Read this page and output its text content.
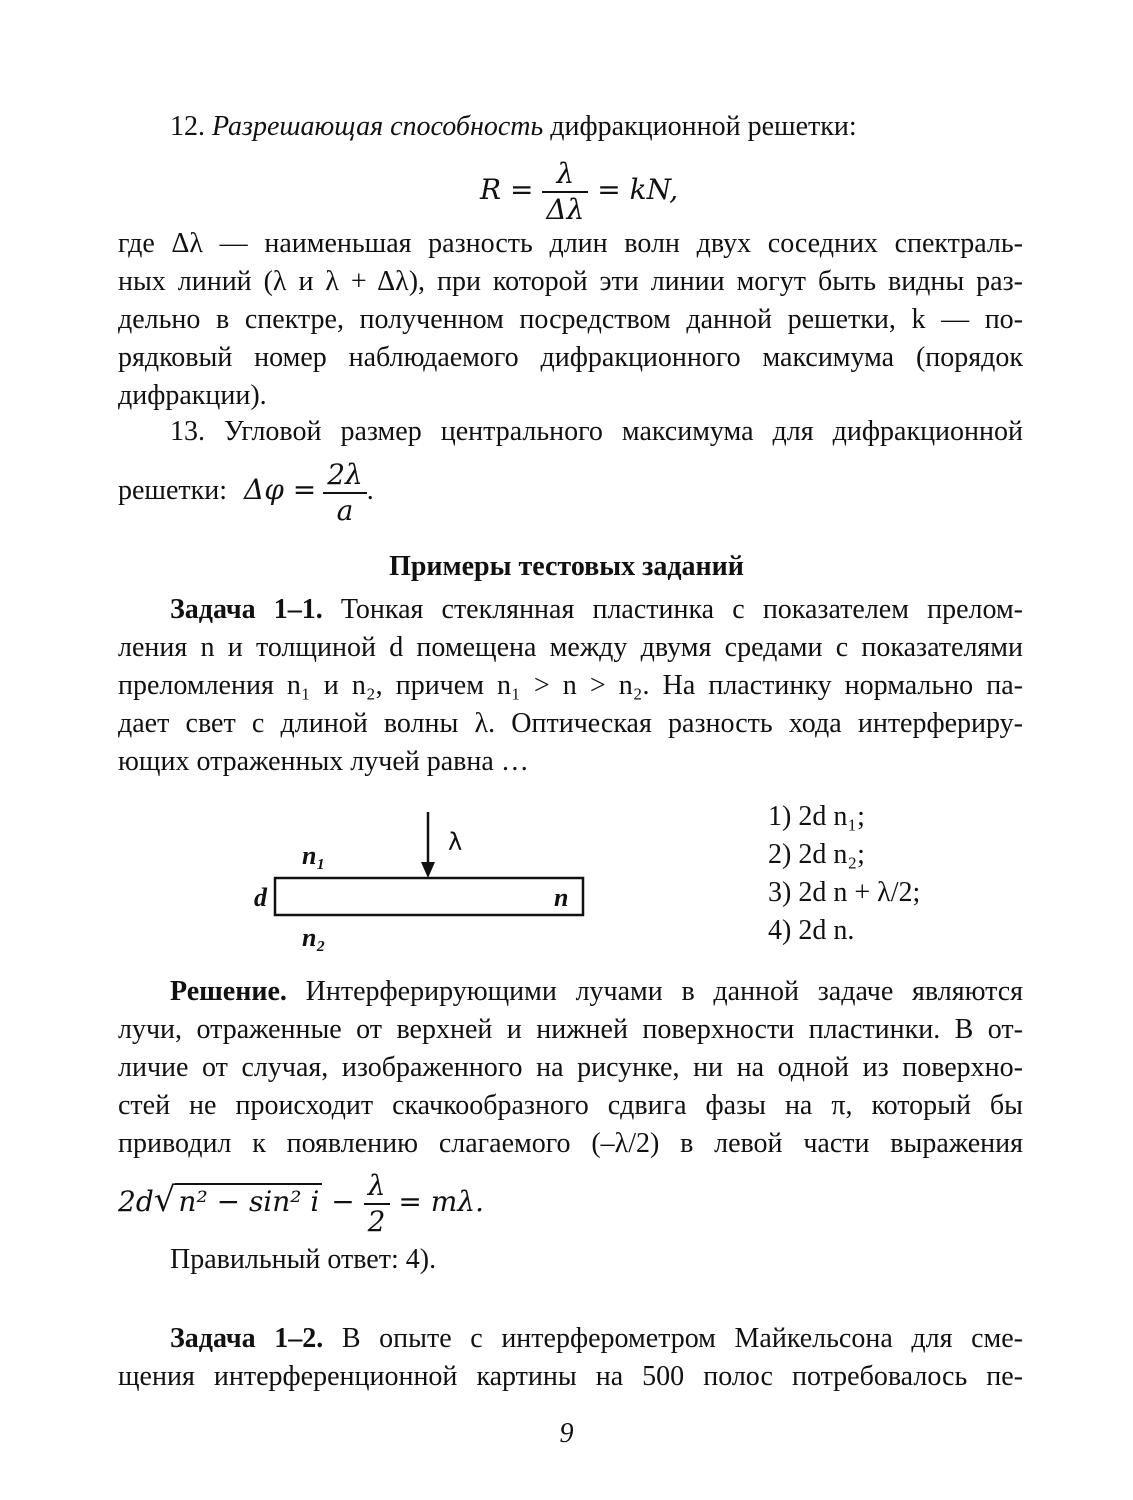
12. Разрешающая способность дифракционной решетки:
$R = \frac{\lambda}{\Delta\lambda}$ = kN,
где Δλ — наименьшая разность длин волн двух соседних спектраль-
ных линий (λ и λ + Δλ), при которой эти линии могут быть видны раз-
дельно в спектре, полученном посредством данной решетки, k — по-
рядковый номер наблюдаемого дифракционного максимума (порядок
дифракции).
13. Угловой размер центрального максимума для дифракционной
решетки: $\Delta\varphi = \frac{2\lambda}{a}$ .
Примеры тестовых заданий
Задача 1–1. Тонкая стеклянная пластинка с показателем прелом-
ления n и толщиной d помещена между двумя средами с показателями
преломления n₁ и n₂, причем n₁ > n > n₂. На пластинку нормально па-
дает свет с длиной волны λ. Оптическая разность хода интерфериру-
ющих отраженных лучей равна …
λ
n₁
n₂
d	n
1) 2d n₁;
2) 2d n₂;
3) 2d n + λ/2;
4) 2d n.
Решение. Интерферирующими лучами в данной задаче являются
лучи, отраженные от верхней и нижней поверхности пластинки. В от-
личие от случая, изображенного на рисунке, ни на одной из поверхно-
стей не происходит скачкообразного сдвига фазы на π, который бы
приводил к появлению слагаемого (–λ/2) в левой части выражения
2d√ n² − sin² $i - \frac{\lambda}{2} = m\lambda$.
Правильный ответ: 4).
Задача 1–2. В опыте с интерферометром Майкельсона для сме-
щения интерференционной картины на 500 полос потребовалось пе-
9
